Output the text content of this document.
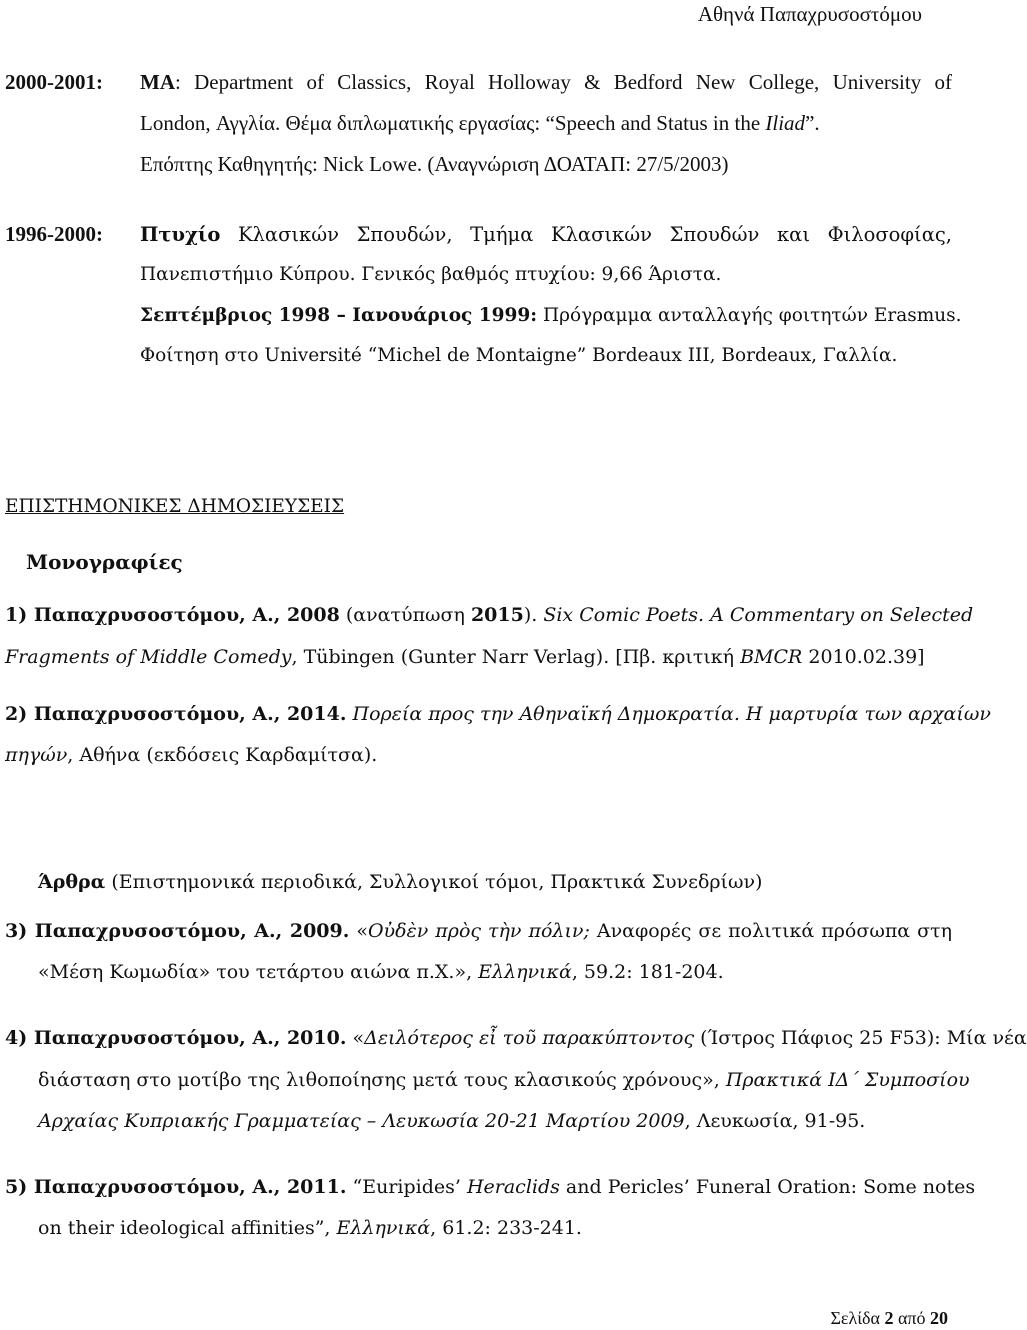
Αθηνά Παπαχρυσοστόμου
2000-2001: MA: Department of Classics, Royal Holloway & Bedford New College, University of
London, Αγγλία. Θέμα διπλωματικής εργασίας: “Speech and Status in the Iliad”.
Επόπτης Καθηγητής: Nick Lowe. (Αναγνώριση ΔΟΑΤΑΠ: 27/5/2003)
1996-2000: Πτυχίο Κλασικών Σπουδών, Τμήμα Κλασικών Σπουδών και Φιλοσοφίας,
Πανεπιστήμιο Κύπρου. Γενικός βαθμός πτυχίου: 9,66 Άριστα.
Σεπτέμβριος 1998 – Ιανουάριος 1999: Πρόγραμμα ανταλλαγής φοιτητών Erasmus.
Φοίτηση στο Université “Michel de Montaigne” Bordeaux III, Bordeaux, Γαλλία.
ΕΠΙΣΤΗΜΟΝΙΚΕΣ ΔΗΜΟΣΙΕΥΣΕΙΣ
Μονογραφίες
1) Παπαχρυσοστόμου, Α., 2008 (ανατύπωση 2015). Six Comic Poets. A Commentary on Selected
Fragments of Middle Comedy, Tübingen (Gunter Narr Verlag). [Πβ. κριτική BMCR 2010.02.39]
2) Παπαχρυσοστόμου, Α., 2014. Πορεία προς την Αθηναϊκή Δημοκρατία. Η μαρτυρία των αρχαίων
πηγών, Αθήνα (εκδόσεις Καρδαμίτσα).
Άρθρα (Επιστημονικά περιοδικά, Συλλογικοί τόμοι, Πρακτικά Συνεδρίων)
3) Παπαχρυσοστόμου, Α., 2009. «Οὐδὲν πρὸς τὴν πόλιν; Αναφορές σε πολιτικά πρόσωπα στη
«Μέση Κωμωδία» του τετάρτου αιώνα π.Χ.», Ελληνικά, 59.2: 181-204.
4) Παπαχρυσοστόμου, Α., 2010. «Δειλότερος εἶ τοῦ παρακύπτοντος (Ίστρος Πάφιος 25 F53): Μία νέα
διάσταση στο μοτίβο της λιθοποίησης μετά τους κλασικούς χρόνους», Πρακτικά ΙΔ΄ Συμποσίου
Αρχαίας Κυπριακής Γραμματείας – Λευκωσία 20-21 Μαρτίου 2009, Λευκωσία, 91-95.
5) Παπαχρυσοστόμου, Α., 2011. “Euripides’ Heraclids and Pericles’ Funeral Oration: Some notes
on their ideological affinities”, Ελληνικά, 61.2: 233-241.
Σελίδα 2 από 20
